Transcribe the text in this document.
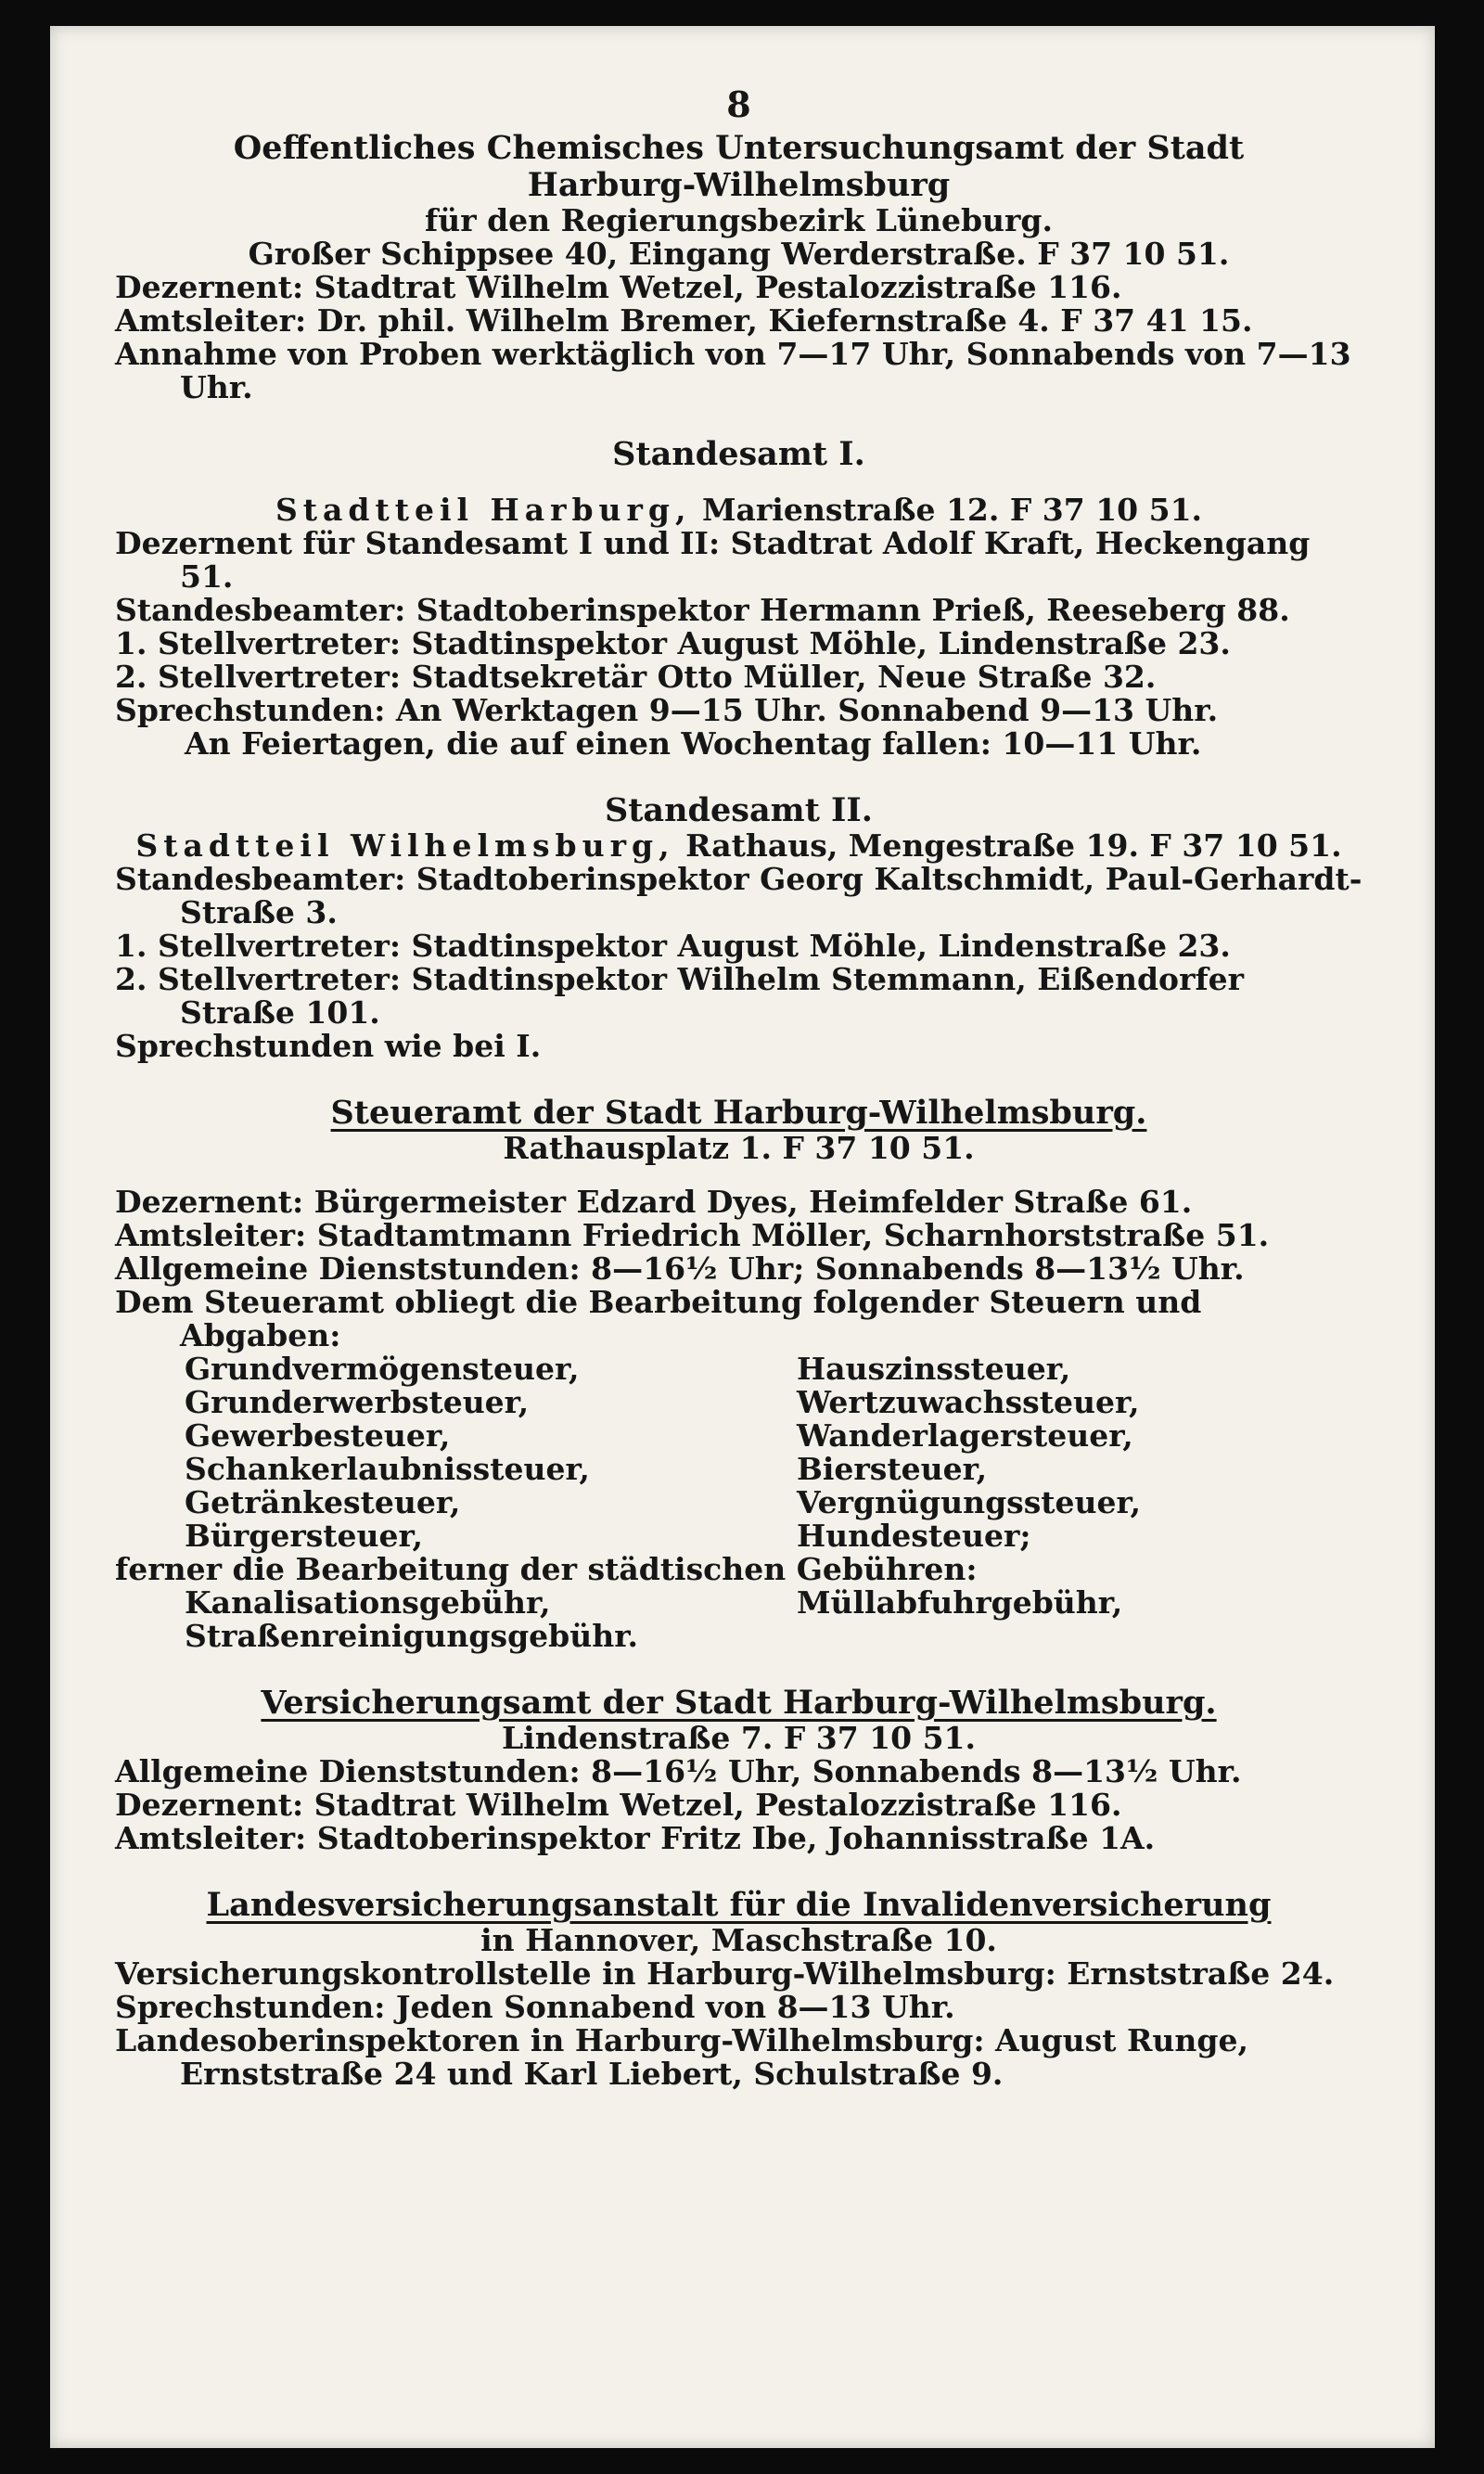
8

Oeffentliches Chemisches Untersuchungsamt der Stadt

Harburg-Wilhelmsburg

für den Regierungsbezirk Lüneburg.

Großer Schippsee 40, Eingang Werderstraße. F 37 10 51.

Dezernent: Stadtrat Wilhelm Wetzel, Pestalozzistraße 116.

Amtsleiter: Dr. phil. Wilhelm Bremer, Kiefernstraße 4. F 37 41 15.

Annahme von Proben werktäglich von 7—17 Uhr, Sonnabends von 7—13 Uhr.

Standesamt I.

Stadtteil Harburg, Marienstraße 12. F 37 10 51.

Dezernent für Standesamt I und II: Stadtrat Adolf Kraft, Heckengang 51.

Standesbeamter: Stadtoberinspektor Hermann Prieß, Reeseberg 88.

1. Stellvertreter: Stadtinspektor August Möhle, Lindenstraße 23.

2. Stellvertreter: Stadtsekretär Otto Müller, Neue Straße 32.

Sprechstunden: An Werktagen 9—15 Uhr. Sonnabend 9—13 Uhr.

An Feiertagen, die auf einen Wochentag fallen: 10—11 Uhr.

Standesamt II.

Stadtteil Wilhelmsburg, Rathaus, Mengestraße 19. F 37 10 51.

Standesbeamter: Stadtoberinspektor Georg Kaltschmidt, Paul-Gerhardt-Straße 3.

1. Stellvertreter: Stadtinspektor August Möhle, Lindenstraße 23.

2. Stellvertreter: Stadtinspektor Wilhelm Stemmann, Eißendorfer Straße 101.

Sprechstunden wie bei I.

Steueramt der Stadt Harburg-Wilhelmsburg.

Rathausplatz 1. F 37 10 51.

Dezernent: Bürgermeister Edzard Dyes, Heimfelder Straße 61.

Amtsleiter: Stadtamtmann Friedrich Möller, Scharnhorststraße 51.

Allgemeine Dienststunden: 8—16½ Uhr; Sonnabends 8—13½ Uhr.

Dem Steueramt obliegt die Bearbeitung folgender Steuern und Abgaben:

Grundvermögensteuer,	Hauszinssteuer,
Grunderwerbsteuer,	Wertzuwachssteuer,
Gewerbesteuer,	Wanderlagersteuer,
Schankerlaubnissteuer,	Biersteuer,
Getränkesteuer,	Vergnügungssteuer,
Bürgersteuer,	Hundesteuer;

ferner die Bearbeitung der städtischen Gebühren:

Kanalisationsgebühr,	Müllabfuhrgebühr,
Straßenreinigungsgebühr.

Versicherungsamt der Stadt Harburg-Wilhelmsburg.

Lindenstraße 7. F 37 10 51.

Allgemeine Dienststunden: 8—16½ Uhr, Sonnabends 8—13½ Uhr.

Dezernent: Stadtrat Wilhelm Wetzel, Pestalozzistraße 116.

Amtsleiter: Stadtoberinspektor Fritz Ibe, Johannisstraße 1A.

Landesversicherungsanstalt für die Invalidenversicherung

in Hannover, Maschstraße 10.

Versicherungskontrollstelle in Harburg-Wilhelmsburg: Ernststraße 24.

Sprechstunden: Jeden Sonnabend von 8—13 Uhr.

Landesoberinspektoren in Harburg-Wilhelmsburg: August Runge, Ernststraße 24 und Karl Liebert, Schulstraße 9.
